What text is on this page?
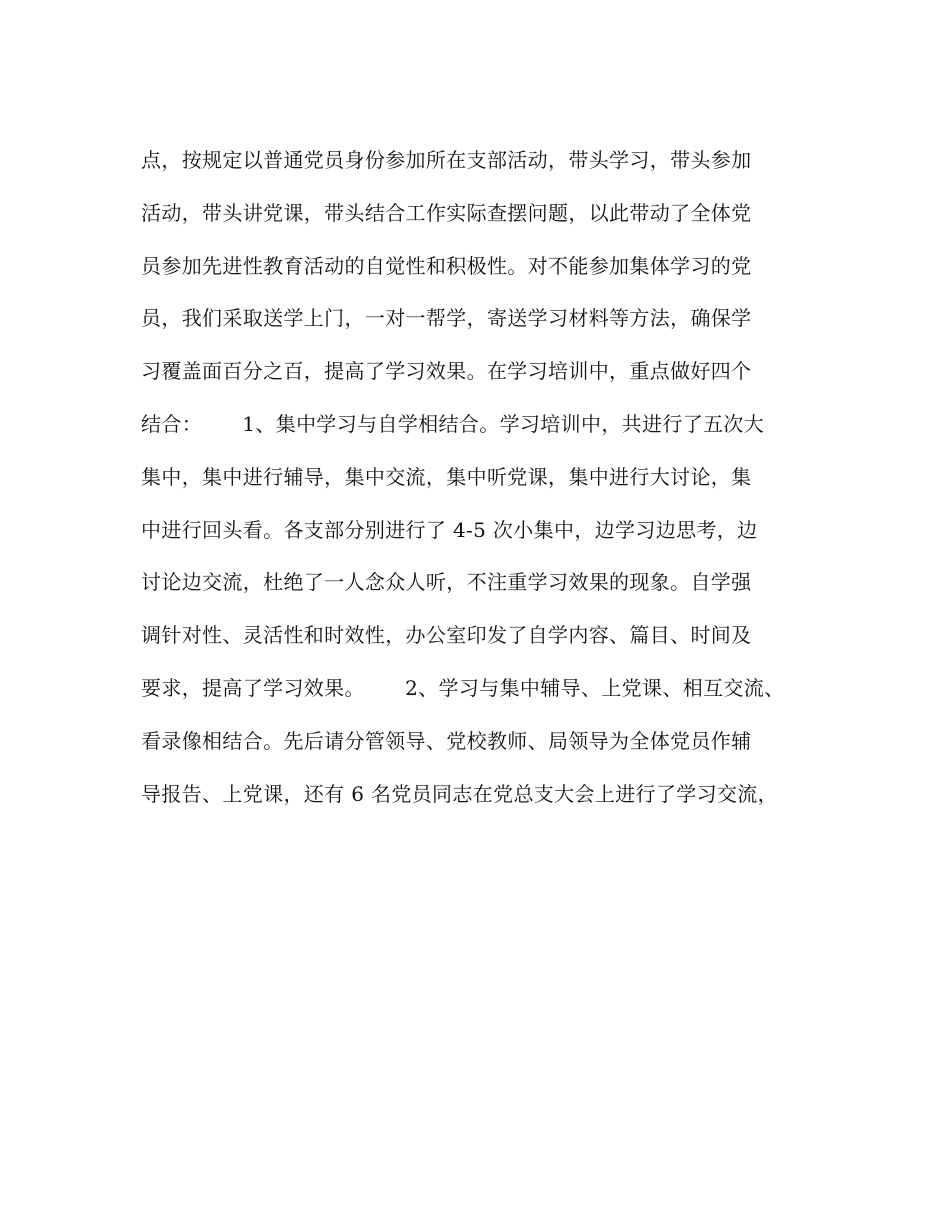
点，按规定以普通党员身份参加所在支部活动，带头学习，带头参加
活动，带头讲党课，带头结合工作实际查摆问题，以此带动了全体党
员参加先进性教育活动的自觉性和积极性。对不能参加集体学习的党
员，我们采取送学上门，一对一帮学，寄送学习材料等方法，确保学
习覆盖面百分之百，提高了学习效果。在学习培训中，重点做好四个
结合：      1、集中学习与自学相结合。学习培训中，共进行了五次大
集中，集中进行辅导，集中交流，集中听党课，集中进行大讨论，集
中进行回头看。各支部分别进行了 4-5 次小集中，边学习边思考，边
讨论边交流，杜绝了一人念众人听，不注重学习效果的现象。自学强
调针对性、灵活性和时效性，办公室印发了自学内容、篇目、时间及
要求，提高了学习效果。      2、学习与集中辅导、上党课、相互交流、
看录像相结合。先后请分管领导、党校教师、局领导为全体党员作辅
导报告、上党课，还有 6 名党员同志在党总支大会上进行了学习交流，
